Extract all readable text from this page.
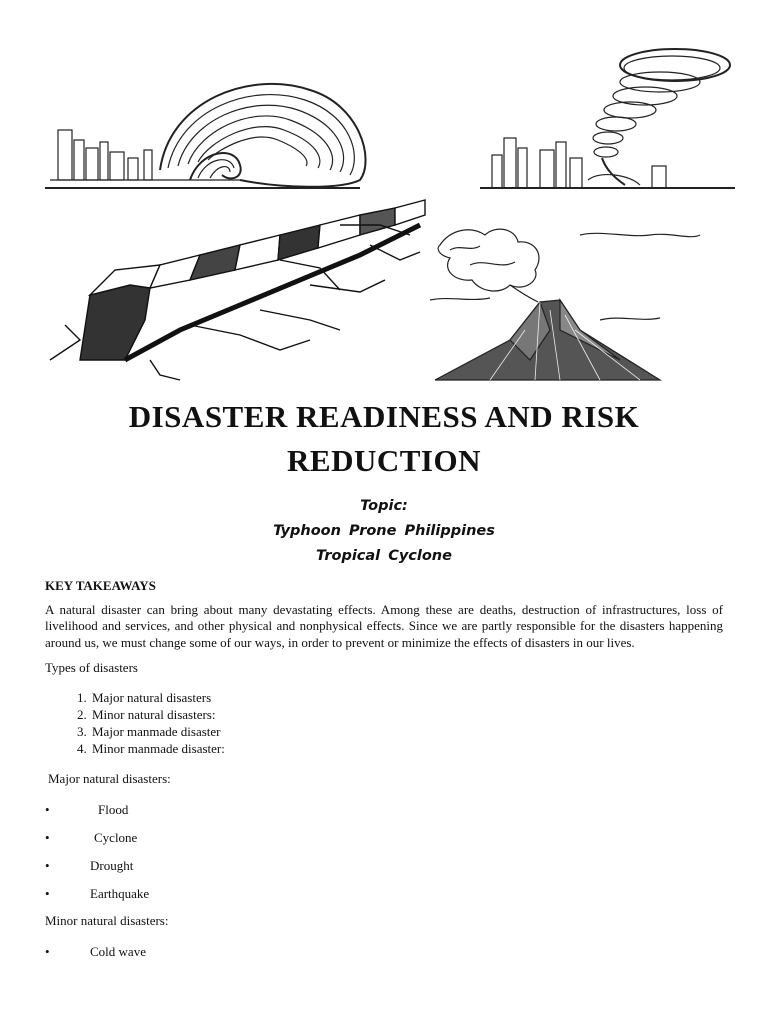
DISASTER READINESS AND RISK REDUCTION
Topic:
Typhoon Prone Philippines
Tropical Cyclone
KEY TAKEAWAYS
A natural disaster can bring about many devastating effects. Among these are deaths, destruction of infrastructures, loss of livelihood and services, and other physical and nonphysical effects. Since we are partly responsible for the disasters happening around us, we must change some of our ways, in order to prevent or minimize the effects of disasters in our lives.
Types of disasters
1. Major natural disasters
2. Minor natural disasters:
3. Major manmade disaster
4. Minor manmade disaster:
Major natural disasters:
•	Flood
•	Cyclone
•	Drought
•	Earthquake
Minor natural disasters:
•	Cold wave
